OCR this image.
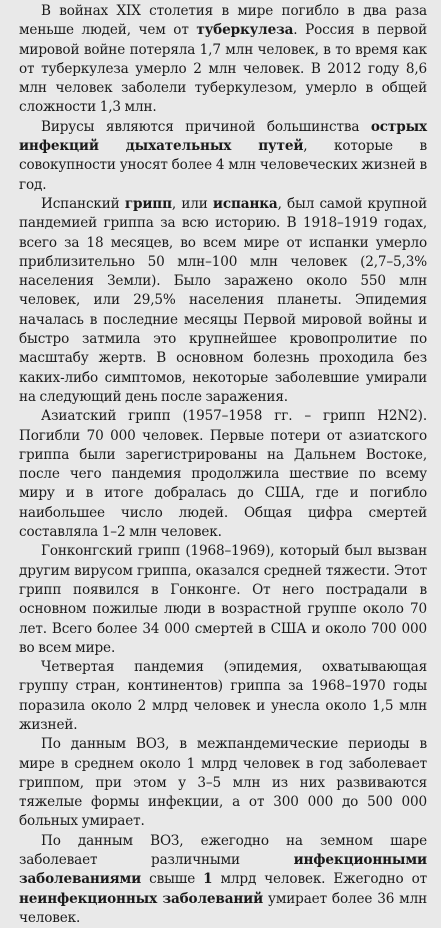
В войнах XIX столетия в мире погибло в два раза меньше людей, чем от туберкулеза. Россия в первой мировой войне потеряла 1,7 млн человек, в то время как от туберкулеза умерло 2 млн человек. В 2012 году 8,6 млн человек заболели туберкулезом, умерло в общей сложности 1,3 млн.
Вирусы являются причиной большинства острых инфекций дыхательных путей, которые в совокупности уносят более 4 млн человеческих жизней в год.
Испанский грипп, или испанка, был самой крупной пандемией гриппа за всю историю. В 1918–1919 годах, всего за 18 месяцев, во всем мире от испанки умерло приблизительно 50 млн–100 млн человек (2,7–5,3% населения Земли). Было заражено около 550 млн человек, или 29,5% населения планеты. Эпидемия началась в последние месяцы Первой мировой войны и быстро затмила это крупнейшее кровопролитие по масштабу жертв. В основном болезнь проходила без каких-либо симптомов, некоторые заболевшие умирали на следующий день после заражения.
Азиатский грипп (1957–1958 гг. – грипп H2N2). Погибли 70 000 человек. Первые потери от азиатского гриппа были зарегистрированы на Дальнем Востоке, после чего пандемия продолжила шествие по всему миру и в итоге добралась до США, где и погибло наибольшее число людей. Общая цифра смертей составляла 1–2 млн человек.
Гонконгский грипп (1968–1969), который был вызван другим вирусом гриппа, оказался средней тяжести. Этот грипп появился в Гонконге. От него пострадали в основном пожилые люди в возрастной группе около 70 лет. Всего более 34 000 смертей в США и около 700 000 во всем мире.
Четвертая пандемия (эпидемия, охватывающая группу стран, континентов) гриппа за 1968–1970 годы поразила около 2 млрд человек и унесла около 1,5 млн жизней.
По данным ВОЗ, в межпандемические периоды в мире в среднем около 1 млрд человек в год заболевает гриппом, при этом у 3–5 млн из них развиваются тяжелые формы инфекции, а от 300 000 до 500 000 больных умирает.
По данным ВОЗ, ежегодно на земном шаре заболевает различными инфекционными заболеваниями свыше 1 млрд человек. Ежегодно от неинфекционных заболеваний умирает более 36 млн человек.
